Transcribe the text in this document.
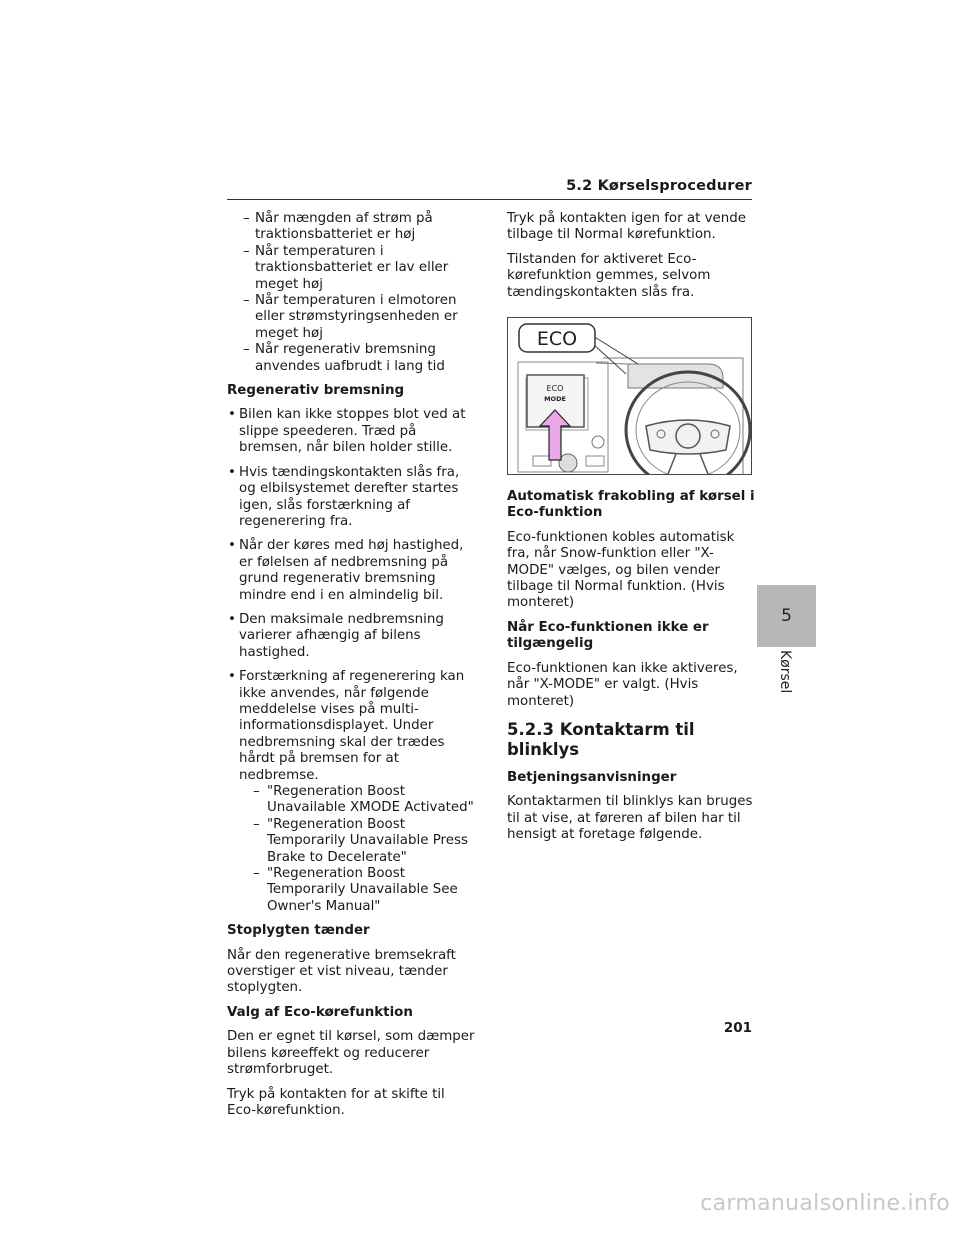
5.2 Kørselsprocedurer
– Når mængden af strøm på traktionsbatteriet er høj
– Når temperaturen i traktionsbatteriet er lav eller meget høj
– Når temperaturen i elmotoren eller strømstyringsenheden er meget høj
– Når regenerativ bremsning anvendes uafbrudt i lang tid
Regenerativ bremsning
• Bilen kan ikke stoppes blot ved at slippe speederen. Træd på bremsen, når bilen holder stille.
• Hvis tændingskontakten slås fra, og elbilsystemet derefter startes igen, slås forstærkning af regenerering fra.
• Når der køres med høj hastighed, er følelsen af nedbremsning på grund regenerativ bremsning mindre end i en almindelig bil.
• Den maksimale nedbremsning varierer afhængig af bilens hastighed.
• Forstærkning af regenerering kan ikke anvendes, når følgende meddelelse vises på multi-informationsdisplayet. Under nedbremsning skal der trædes hårdt på bremsen for at nedbremse.
– "Regeneration Boost Unavailable XMODE Activated"
– "Regeneration Boost Temporarily Unavailable Press Brake to Decelerate"
– "Regeneration Boost Temporarily Unavailable See Owner's Manual"
Stoplygten tænder

Når den regenerative bremsekraft overstiger et vist niveau, tænder stoplygten.

Valg af Eco-kørefunktion

Den er egnet til kørsel, som dæmper bilens køreeffekt og reducerer strømforbruget.

Tryk på kontakten for at skifte til Eco-kørefunktion.

Tryk på kontakten igen for at vende tilbage til Normal kørefunktion.

Tilstanden for aktiveret Eco-kørefunktion gemmes, selvom tændingskontakten slås fra.

ECO
ECO
MODE
Automatisk frakobling af kørsel i Eco-funktion

Eco-funktionen kobles automatisk fra, når Snow-funktion eller "X-MODE" vælges, og bilen vender tilbage til Normal funktion. (Hvis monteret)

Når Eco-funktionen ikke er tilgængelig

Eco-funktionen kan ikke aktiveres, når "X-MODE" er valgt. (Hvis monteret)

5.2.3 Kontaktarm til blinklys
Betjeningsanvisninger

Kontaktarmen til blinklys kan bruges til at vise, at føreren af bilen har til hensigt at foretage følgende.

5
Kørsel
201
carmanualsonline.info
